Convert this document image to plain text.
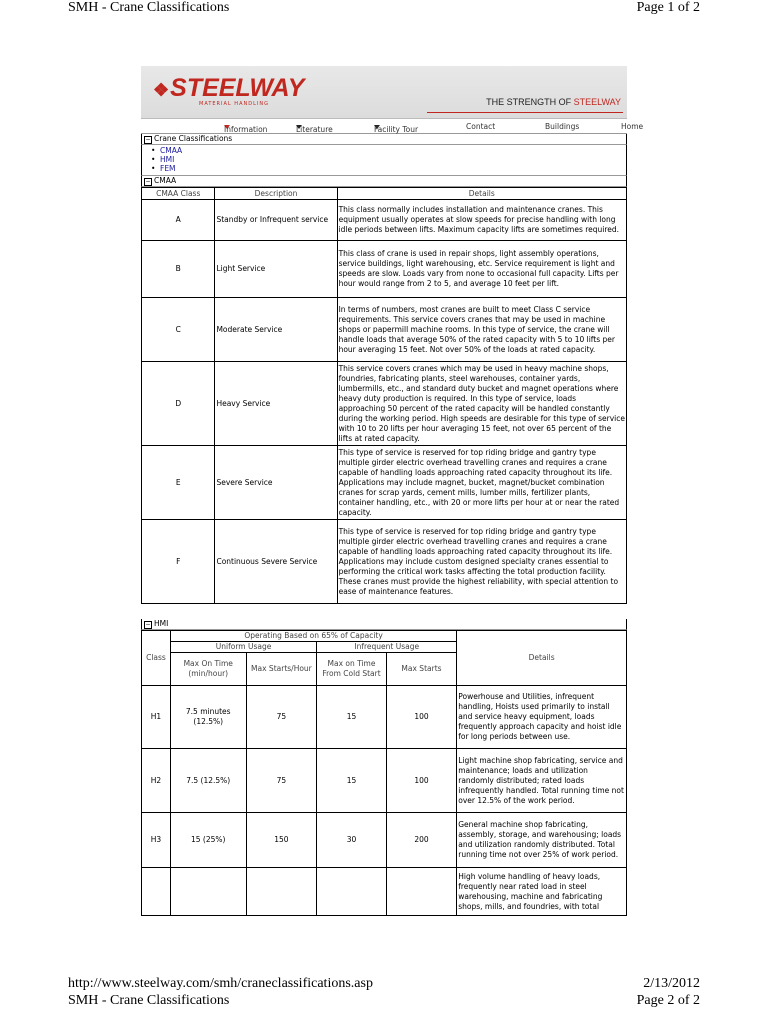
SMH - Crane Classifications	Page 1 of 2
❖STEELWAY
MATERIAL HANDLING	THE STRENGTH OF STEELWAY
Information	Literature	Facility Tour	Contact	Buildings	Home
− Crane Classifications
• CMAA
• HMI
• FEM
− CMAA
CMAA Class	Description	Details
A	Standby or Infrequent service	This class normally includes installation and maintenance cranes. This equipment usually operates at slow speeds for precise handling with long idle periods between lifts. Maximum capacity lifts are sometimes required.
B	Light Service	This class of crane is used in repair shops, light assembly operations, service buildings, light warehousing, etc. Service requirement is light and speeds are slow. Loads vary from none to occasional full capacity. Lifts per hour would range from 2 to 5, and average 10 feet per lift.
C	Moderate Service	In terms of numbers, most cranes are built to meet Class C service requirements. This service covers cranes that may be used in machine shops or papermill machine rooms. In this type of service, the crane will handle loads that average 50% of the rated capacity with 5 to 10 lifts per hour averaging 15 feet. Not over 50% of the loads at rated capacity.
D	Heavy Service	This service covers cranes which may be used in heavy machine shops, foundries, fabricating plants, steel warehouses, container yards, lumbermills, etc., and standard duty bucket and magnet operations where heavy duty production is required. In this type of service, loads approaching 50 percent of the rated capacity will be handled constantly during the working period. High speeds are desirable for this type of service with 10 to 20 lifts per hour averaging 15 feet, not over 65 percent of the lifts at rated capacity.
E	Severe Service	This type of service is reserved for top riding bridge and gantry type multiple girder electric overhead travelling cranes and requires a crane capable of handling loads approaching rated capacity throughout its life. Applications may include magnet, bucket, magnet/bucket combination cranes for scrap yards, cement mills, lumber mills, fertilizer plants, container handling, etc., with 20 or more lifts per hour at or near the rated capacity.
F	Continuous Severe Service	This type of service is reserved for top riding bridge and gantry type multiple girder electric overhead travelling cranes and requires a crane capable of handling loads approaching rated capacity throughout its life. Applications may include custom designed specialty cranes essential to performing the critical work tasks affecting the total production facility. These cranes must provide the highest reliability, with special attention to ease of maintenance features.
− HMI
Class	Operating Based on 65% of Capacity				Details
	Uniform Usage		Infrequent Usage		
	Max On Time (min/hour)	Max Starts/Hour	Max on Time From Cold Start	Max Starts	
H1	7.5 minutes (12.5%)	75	15	100	Powerhouse and Utilities, infrequent handling, Hoists used primarily to install and service heavy equipment, loads frequently approach capacity and hoist idle for long periods between use.
H2	7.5 (12.5%)	75	15	100	Light machine shop fabricating, service and maintenance; loads and utilization randomly distributed; rated loads infrequently handled. Total running time not over 12.5% of the work period.
H3	15 (25%)	150	30	200	General machine shop fabricating, assembly, storage, and warehousing; loads and utilization randomly distributed. Total running time not over 25% of work period.
					High volume handling of heavy loads, frequently near rated load in steel warehousing, machine and fabricating shops, mills, and foundries, with total
http://www.steelway.com/smh/craneclassifications.asp	2/13/2012
SMH - Crane Classifications	Page 2 of 2
